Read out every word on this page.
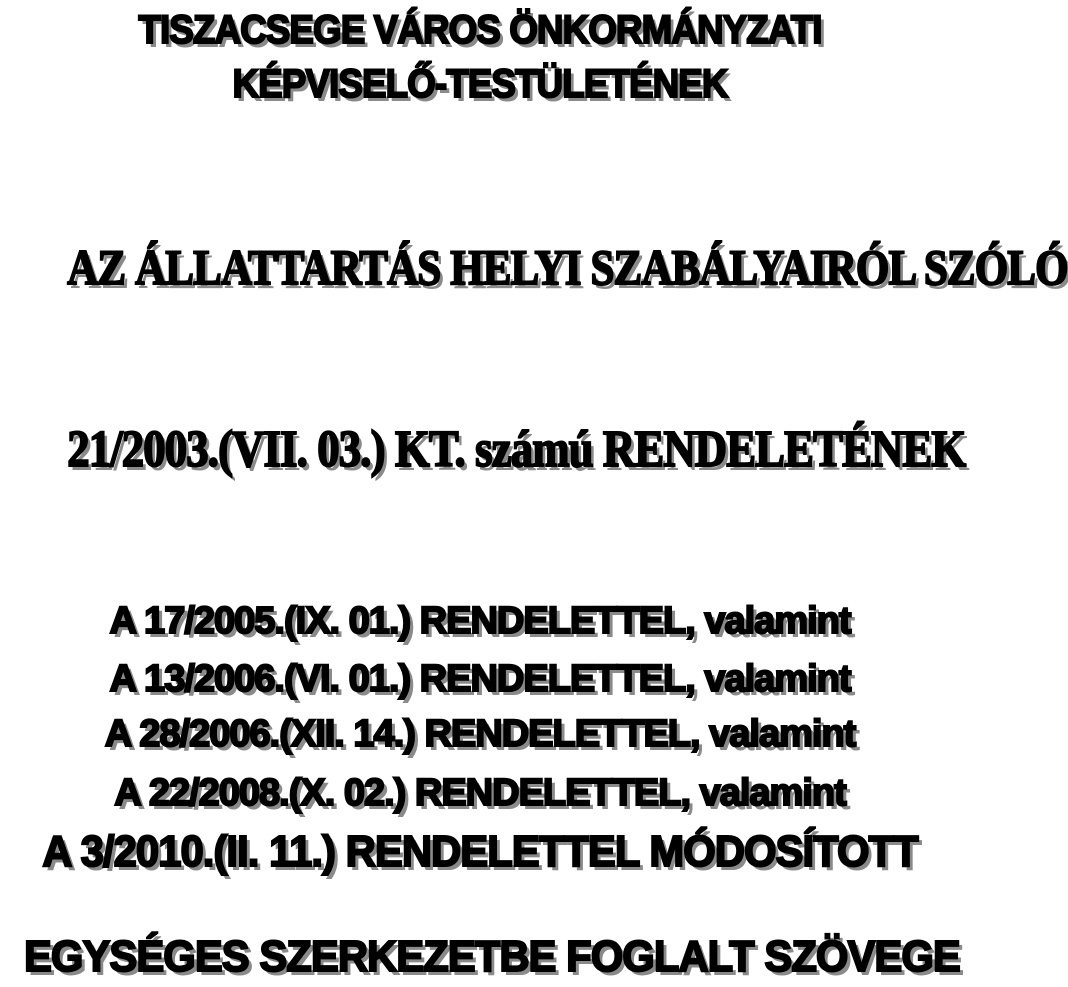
TISZACSEGE VÁROS ÖNKORMÁNYZATI
KÉPVISELŐ-TESTÜLETÉNEK
AZ ÁLLATTARTÁS HELYI SZABÁLYAIRÓL SZÓLÓ
21/2003.(VII. 03.) KT. számú RENDELETÉNEK
A 17/2005.(IX. 01.) RENDELETTEL, valamint
A 13/2006.(VI. 01.) RENDELETTEL, valamint
A 28/2006.(XII. 14.) RENDELETTEL, valamint
A 22/2008.(X. 02.) RENDELETTEL, valamint
A 3/2010.(II. 11.) RENDELETTEL MÓDOSÍTOTT
EGYSÉGES SZERKEZETBE FOGLALT SZÖVEGE
